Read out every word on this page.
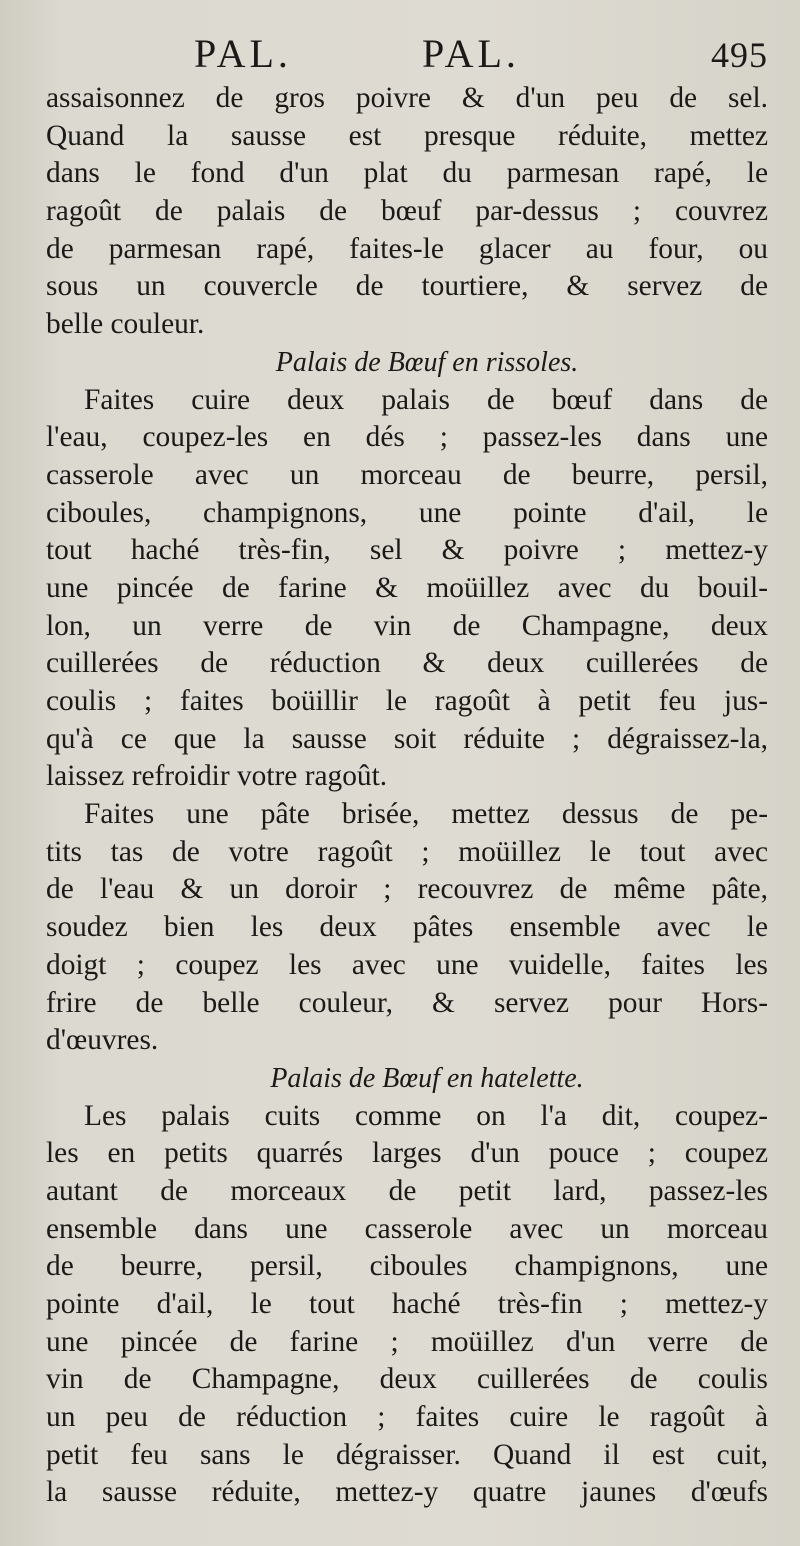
PAL.	PAL.	495
assaisonnez de gros poivre & d'un peu de sel.
Quand la sausse est presque réduite, mettez
dans le fond d'un plat du parmesan rapé, le
ragoût de palais de bœuf par-dessus ; couvrez
de parmesan rapé, faites-le glacer au four, ou
sous un couvercle de tourtiere, & servez de
belle couleur.
Palais de Bœuf en rissoles.
Faites cuire deux palais de bœuf dans de
l'eau, coupez-les en dés ; passez-les dans une
casserole avec un morceau de beurre, persil,
ciboules, champignons, une pointe d'ail, le
tout haché très-fin, sel & poivre ; mettez-y
une pincée de farine & moüillez avec du bouil-
lon, un verre de vin de Champagne, deux
cuillerées de réduction & deux cuillerées de
coulis ; faites boüillir le ragoût à petit feu jus-
qu'à ce que la sausse soit réduite ; dégraissez-la,
laissez refroidir votre ragoût.
Faites une pâte brisée, mettez dessus de pe-
tits tas de votre ragoût ; moüillez le tout avec
de l'eau & un doroir ; recouvrez de même pâte,
soudez bien les deux pâtes ensemble avec le
doigt ; coupez les avec une vuidelle, faites les
frire de belle couleur, & servez pour Hors-
d'œuvres.
Palais de Bœuf en hatelette.
Les palais cuits comme on l'a dit, coupez-
les en petits quarrés larges d'un pouce ; coupez
autant de morceaux de petit lard, passez-les
ensemble dans une casserole avec un morceau
de beurre, persil, ciboules champignons, une
pointe d'ail, le tout haché très-fin ; mettez-y
une pincée de farine ; moüillez d'un verre de
vin de Champagne, deux cuillerées de coulis
un peu de réduction ; faites cuire le ragoût à
petit feu sans le dégraisser. Quand il est cuit,
la sausse réduite, mettez-y quatre jaunes d'œufs
